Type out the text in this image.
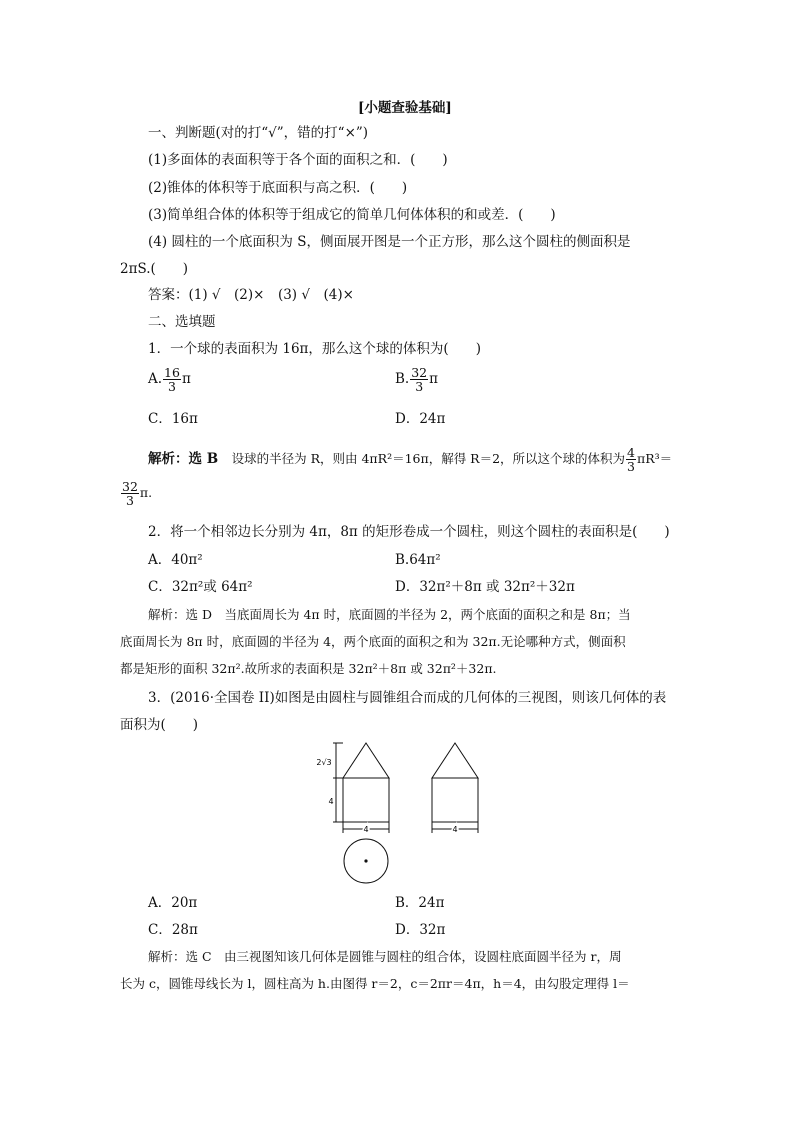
[小题查验基础]
一、判断题(对的打“√”，错的打“×”)
(1)多面体的表面积等于各个面的面积之和．(　　)
(2)锥体的体积等于底面积与高之积．(　　)
(3)简单组合体的体积等于组成它的简单几何体体积的和或差．(　　)
(4) 圆柱的一个底面积为 S，侧面展开图是一个正方形，那么这个圆柱的侧面积是
2πS.(　　)
答案：(1) √　(2)×　(3) √　(4)×
二、选填题
1．一个球的表面积为 16π，那么这个球的体积为(　　)
A. $\frac{16}{3}$ π	B. $\frac{32}{3}$ π
C．16π	D．24π
解析：选 B　 设球的半径为 R，则由 4πR²＝16π，解得 R＝2，所以这个球的体积为 $\frac{4}{3} \pi R^3=$
$\frac{32}{3} \pi$.
2．将一个相邻边长分别为 4π，8π 的矩形卷成一个圆柱，则这个圆柱的表面积是(　　)
A．40π²	B.64π²
C．32π²或 64π²	D．32π²＋8π 或 32π²＋32π
解析：选 D　当底面周长为 4π 时，底面圆的半径为 2，两个底面的面积之和是 8π；当
底面周长为 8π 时，底面圆的半径为 4，两个底面的面积之和为 32π.无论哪种方式，侧面积
都是矩形的面积 32π².故所求的表面积是 32π²＋8π 或 32π²＋32π.
3．(2016·全国卷 II)如图是由圆柱与圆锥组合而成的几何体的三视图，则该几何体的表
面积为(　　)
2√3
4
4	4
A．20π	B．24π
C．28π	D．32π
解析：选 C　由三视图知该几何体是圆锥与圆柱的组合体，设圆柱底面圆半径为 r，周
长为 c，圆锥母线长为 l，圆柱高为 h.由图得 r＝2，c＝2πr＝4π，h＝4，由勾股定理得 l＝
